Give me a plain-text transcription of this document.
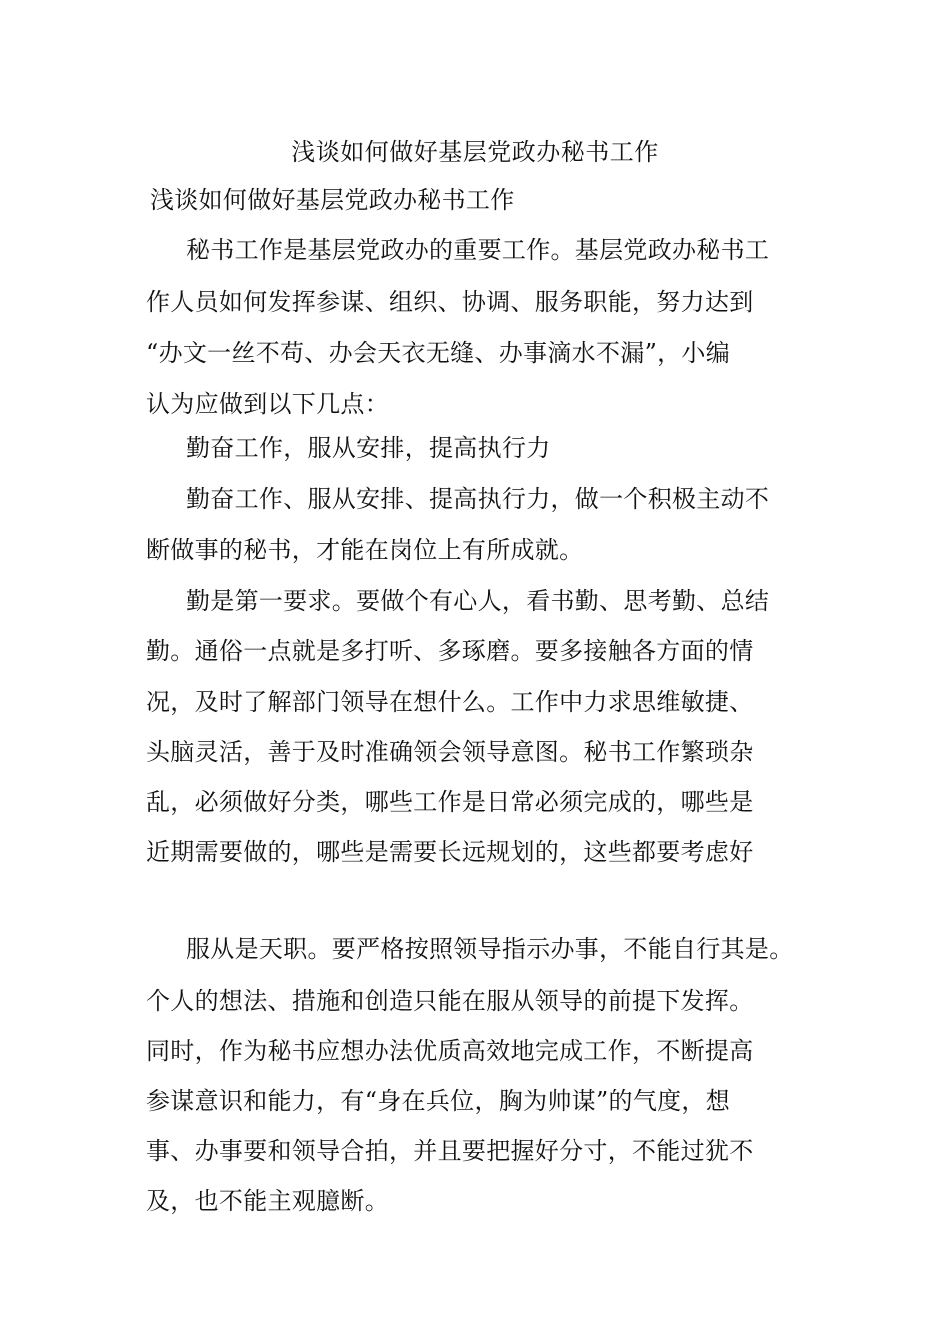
浅谈如何做好基层党政办秘书工作
浅谈如何做好基层党政办秘书工作
秘书工作是基层党政办的重要工作。基层党政办秘书工
作人员如何发挥参谋、组织、协调、服务职能，努力达到
“办文一丝不苟、办会天衣无缝、办事滴水不漏”，小编
认为应做到以下几点：
勤奋工作，服从安排，提高执行力
勤奋工作、服从安排、提高执行力，做一个积极主动不
断做事的秘书，才能在岗位上有所成就。
勤是第一要求。要做个有心人，看书勤、思考勤、总结
勤。通俗一点就是多打听、多琢磨。要多接触各方面的情
况，及时了解部门领导在想什么。工作中力求思维敏捷、
头脑灵活，善于及时准确领会领导意图。秘书工作繁琐杂
乱，必须做好分类，哪些工作是日常必须完成的，哪些是
近期需要做的，哪些是需要长远规划的，这些都要考虑好
服从是天职。要严格按照领导指示办事，不能自行其是。
个人的想法、措施和创造只能在服从领导的前提下发挥。
同时，作为秘书应想办法优质高效地完成工作，不断提高
参谋意识和能力，有“身在兵位，胸为帅谋”的气度，想
事、办事要和领导合拍，并且要把握好分寸，不能过犹不
及，也不能主观臆断。
